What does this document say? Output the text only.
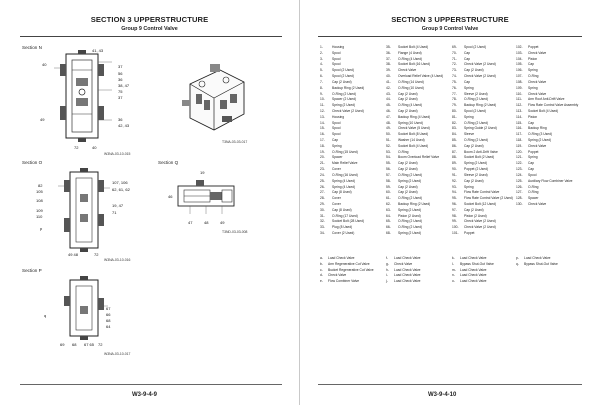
SECTION 3 UPPERSTRUCTURE
Group 9 Control Valve
Section N
41, 43
40	37
56
36
38, 47
75
37
49	36
42, 43
72	40
W3NA-03-10-015
T3NA-03-03-017
Section O
82
107, 106
105	62, 61, 62
108
19, 47
109	71
110
p
49 48	72
W3NA-03-10-016
Section Q
19
46
47	48	49
T3ND-03-03-008
Section P
67
66
q
68
64
69 68 67 65 72
W3NA-03-10-017
W3-9-4-9
SECTION 3 UPPERSTRUCTURE
Group 9 Control Valve
1-	Housing
2-	Spool
3-	Spool
4-	Spool
5-	Spool (2 Used)
6-	Spool (2 Used)
7-	Cap (2 Used)
8-	Backup Ring (2 Used)
9-	O-Ring (2 Used)
10- Spacer (2 Used)
11- Spring (2 Used)
12- Check Valve (2 Used)
13- Housing
14- Spool
15- Spool
16- Spool
17- Cap
18- Spring
19- O-Ring (15 Used)
20- Spacer
21- Main Relief Valve
23- Cover
24- O-Ring (16 Used)
25- Spring (4 Used)
26- Spring (4 Used)
27- Cap (8 Used)
28- Cover
29- Cover
30- Cap (8 Used)
31- O-Ring (17 Used)
32- Socket Bolt (28 Used)
33- Plug (8 Used)
34- Cover (2 Used)
35- Socket Bolt (4 Used)
36- Flange (4 Used)
37- O-Ring (4 Used)
38- Socket Bolt (16 Used)
39- Check Valve
40- Overload Relief Valve (4 Used)
41- O-Ring (14 Used)
42- O-Ring (10 Used)
43- Cap (2 Used)
44- Cap (2 Used)
45- O-Ring (4 Used)
46- Cap (2 Used)
47- Backup Ring (4 Used)
48- Spring (10 Used)
49- Check Valve (5 Used)
50- Socket Bolt (8 Used)
51- Washer (14 Used)
52- Socket Bolt (4 Used)
53- O-Ring
54- Boom Overload Relief Valve
55- Cap (2 Used)
56- Cap (2 Used)
57- O-Ring (2 Used)
58- Spring (2 Used)
59- Cap (2 Used)
60- Cap (2 Used)
61- O-Ring (2 Used)
62- Backup Ring (2 Used)
63- Spring (2 Used)
64- Piston (2 Used)
65- O-Ring (2 Used)
66- O-Ring (2 Used)
68- Spring (2 Used)
69- Spool (2 Used)
70- Cap
71- Cap
72- Check Valve (2 Used)
73- Cap (2 Used)
74- Check Valve (2 Used)
75- Cap
76- Spring
77- Sleeve (2 Used)
78- O-Ring (2 Used)
79- Backup Ring (2 Used)
80- Spool (2 Used)
81- Spring
82- O-Ring (2 Used)
83- Spring Guide (2 Used)
84- Sleeve
85- O-Ring (2 Used)
86- Cap (2 Used)
87- Boom 2 Anti-Drift Valve
88- Socket Bolt (2 Used)
89- Spring (2 Used)
90- Poppet (2 Used)
91- Sleeve (2 Used)
92- Cap (2 Used)
93- Spring
94- Flow Rate Control Valve
95- Flow Rate Control Valve (2 Used)
96- Socket Bolt (12 Used)
97- Cap (2 Used)
98- Piston (2 Used)
99- Check Valve (2 Used)
100- Check Valve (2 Used)
101- Poppet
102- Poppet
103- Check Valve
104- Piston
105- Cap
106- Spring
107- O-Ring
108- Check Valve
109- Spring
110- Check Valve
111- Arm Roof Anti-Drift Valve
112- Flow Rate Control Valve Assembly
113- Socket Bolt (4 Used)
114- Piston
115- Cap
116- Backup Ring
117- O-Ring (3 Used)
118- Spring (2 Used)
119- Check Valve
120- Poppet
121- Spring
122- Cap
123- Cap
124- Spool
125- Auxiliary Flow Combiner Valve
126- O-Ring
127- O-Ring
128- Spacer
130- Check Valve
a- Load Check Valve
b- Arm Regenerative Cut Valve
c- Bucket Regenerative Cut Valve
d- Check Valve
e- Flow Combiner Valve
f- Load Check Valve
g- Check Valve
h- Load Check Valve
i- Load Check Valve
j- Load Check Valve
k- Load Check Valve
l- Bypass Shut-Out Valve
m- Load Check Valve
n- Load Check Valve
o- Load Check Valve
p- Load Check Valve
q- Bypass Shut-Out Valve
W3-9-4-10
